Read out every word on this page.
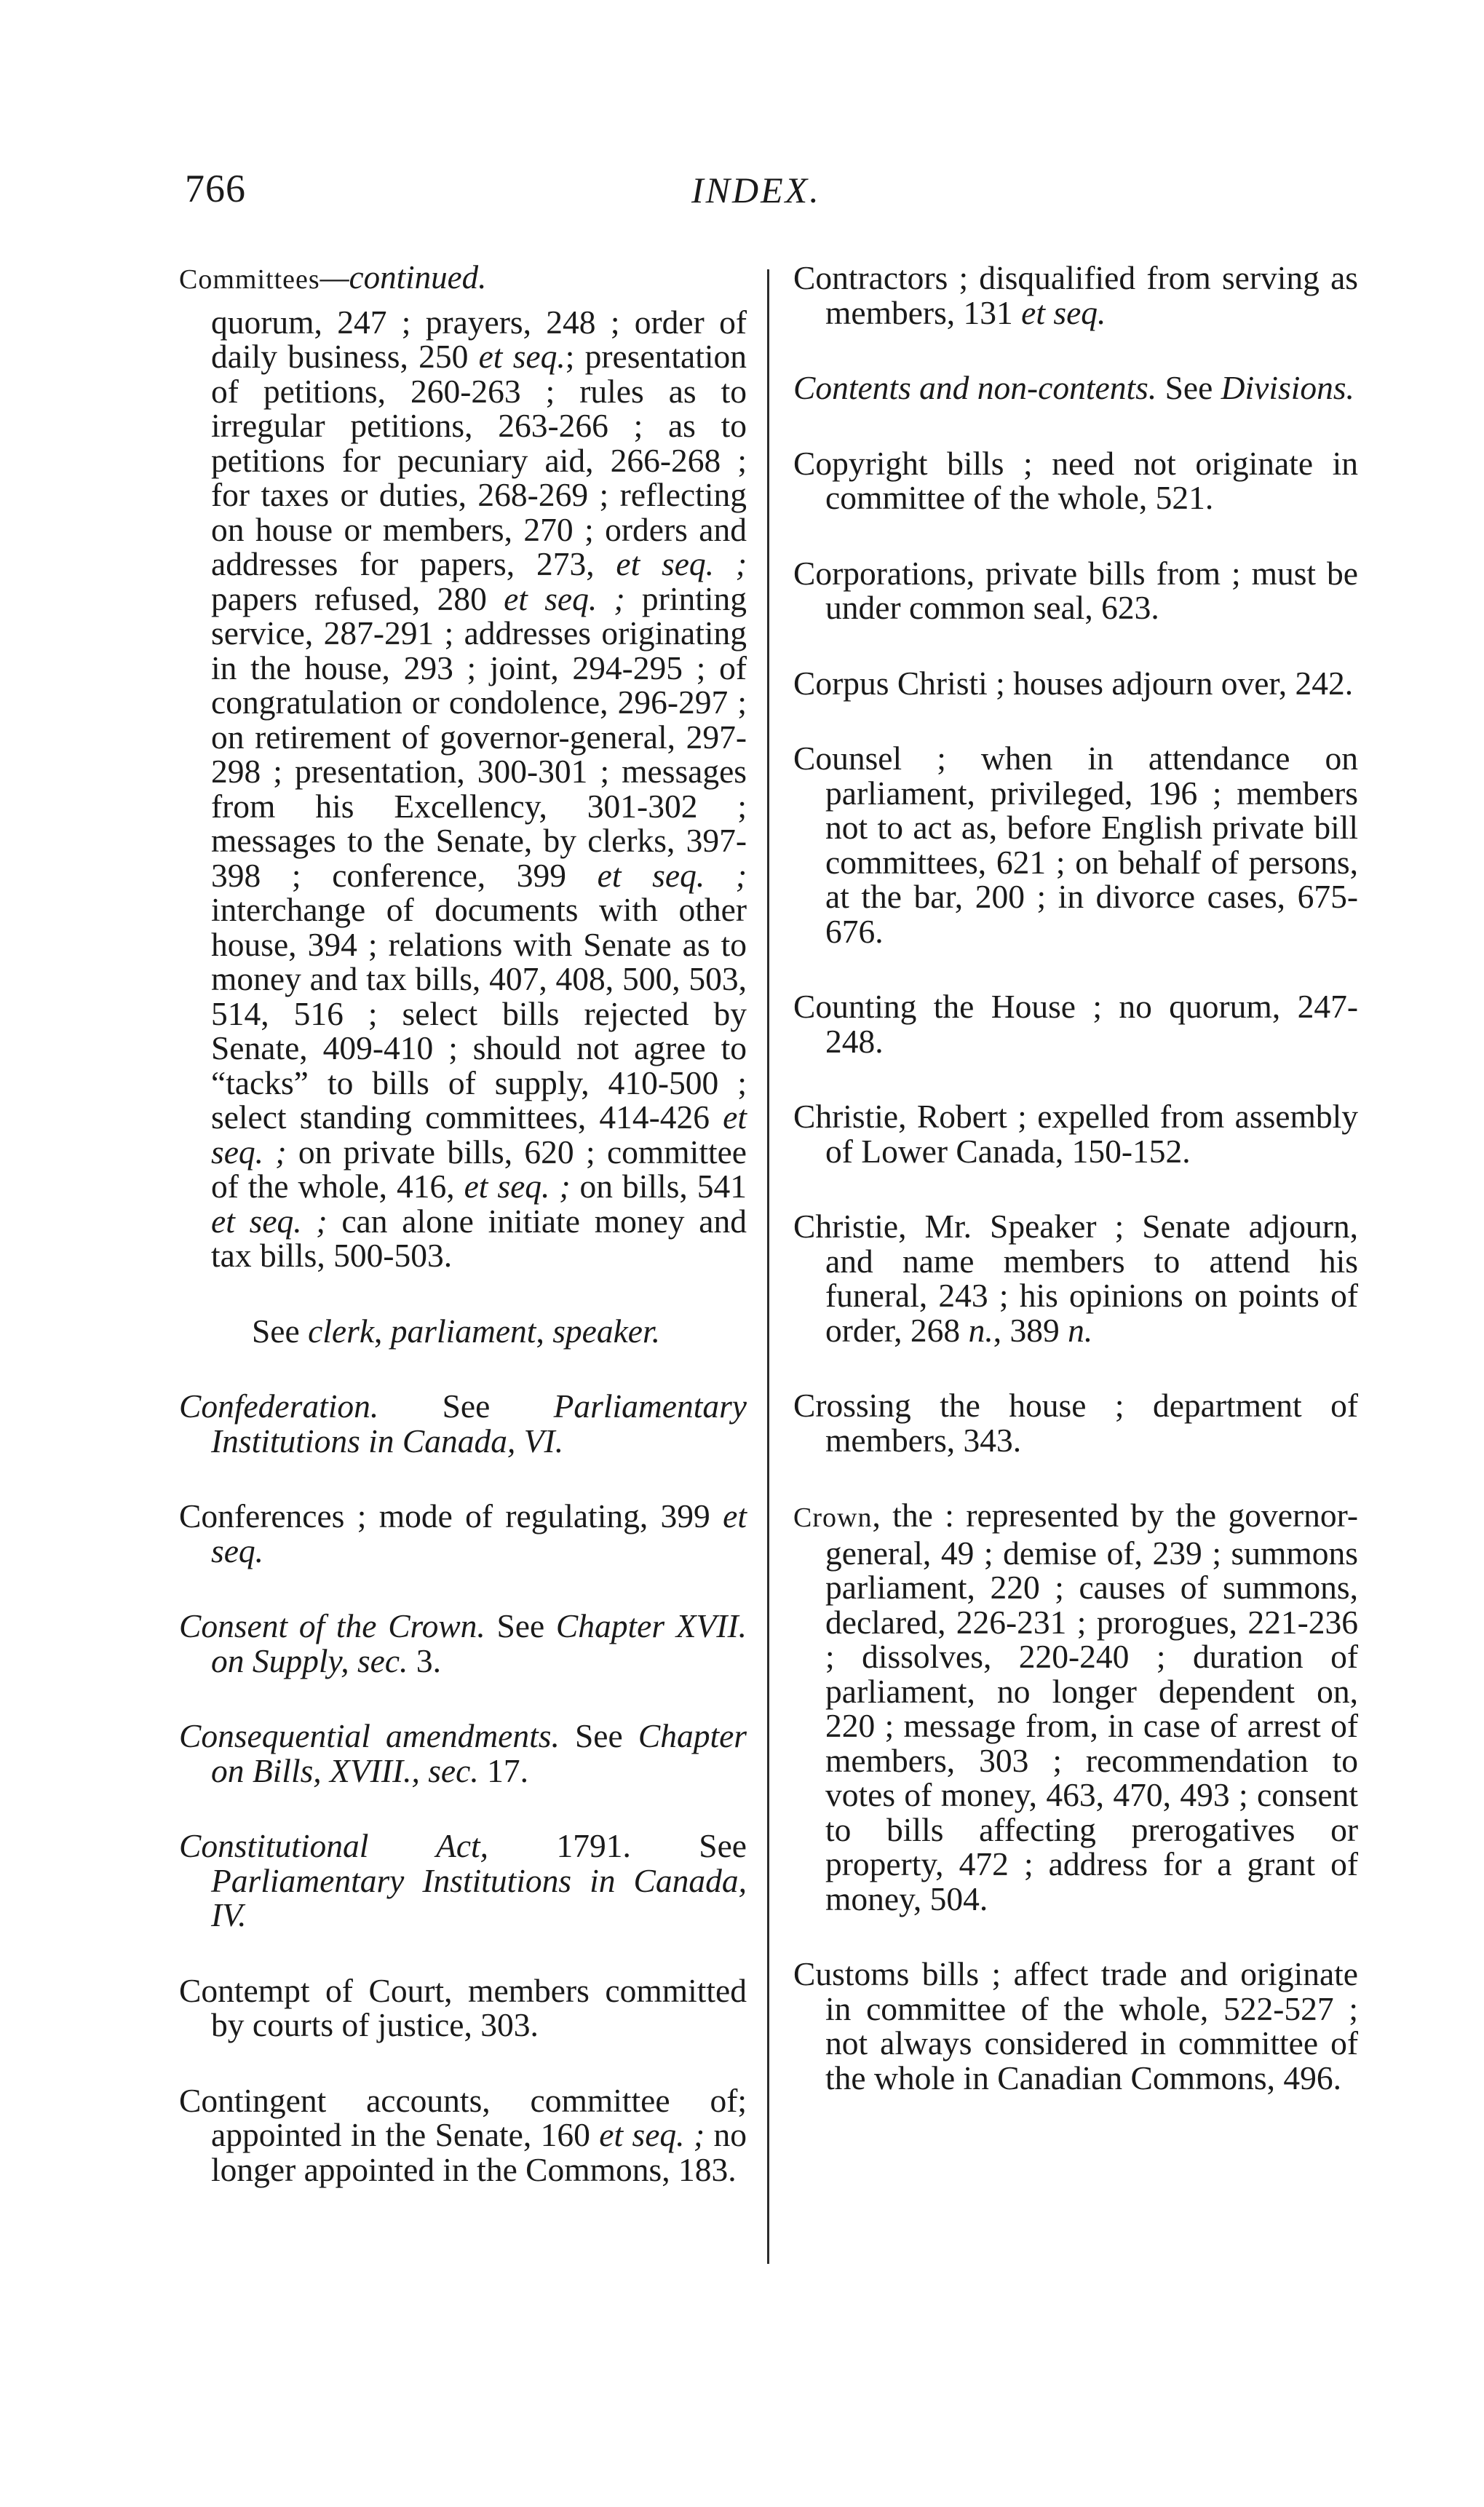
766	INDEX.

Committees—continued.

quorum, 247 ; prayers, 248 ; order of daily business, 250 et seq.; presentation of petitions, 260-263 ; rules as to irregular petitions, 263-266 ; as to petitions for pecuniary aid, 266-268 ; for taxes or duties, 268-269 ; reflecting on house or members, 270 ; orders and addresses for papers, 273, et seq. ; papers refused, 280 et seq. ; printing service, 287-291 ; addresses originating in the house, 293 ; joint, 294-295 ; of congratulation or condolence, 296-297 ; on retirement of governor-general, 297-298 ; presentation, 300-301 ; messages from his Excellency, 301-302 ; messages to the Senate, by clerks, 397-398 ; conference, 399 et seq. ; interchange of documents with other house, 394 ; relations with Senate as to money and tax bills, 407, 408, 500, 503, 514, 516 ; select bills rejected by Senate, 409-410 ; should not agree to “tacks” to bills of supply, 410-500 ; select standing committees, 414-426 et seq. ; on private bills, 620 ; committee of the whole, 416, et seq. ; on bills, 541 et seq. ; can alone initiate money and tax bills, 500-503.

See clerk, parliament, speaker.

Confederation. See Parliamentary Institutions in Canada, VI.

Conferences ; mode of regulating, 399 et seq.

Consent of the Crown. See Chapter XVII. on Supply, sec. 3.

Consequential amendments. See Chapter on Bills, XVIII., sec. 17.

Constitutional Act, 1791. See Parliamentary Institutions in Canada, IV.

Contempt of Court, members committed by courts of justice, 303.

Contingent accounts, committee of; appointed in the Senate, 160 et seq. ; no longer appointed in the Commons, 183.

Contractors ; disqualified from serving as members, 131 et seq.

Contents and non-contents. See Divisions.

Copyright bills ; need not originate in committee of the whole, 521.

Corporations, private bills from ; must be under common seal, 623.

Corpus Christi ; houses adjourn over, 242.

Counsel ; when in attendance on parliament, privileged, 196 ; members not to act as, before English private bill committees, 621 ; on behalf of persons, at the bar, 200 ; in divorce cases, 675-676.

Counting the House ; no quorum, 247-248.

Christie, Robert ; expelled from assembly of Lower Canada, 150-152.

Christie, Mr. Speaker ; Senate adjourn, and name members to attend his funeral, 243 ; his opinions on points of order, 268 n., 389 n.

Crossing the house ; department of members, 343.

Crown, the : represented by the governor-general, 49 ; demise of, 239 ; summons parliament, 220 ; causes of summons, declared, 226-231 ; prorogues, 221-236 ; dissolves, 220-240 ; duration of parliament, no longer dependent on, 220 ; message from, in case of arrest of members, 303 ; recommendation to votes of money, 463, 470, 493 ; consent to bills affecting prerogatives or property, 472 ; address for a grant of money, 504.

Customs bills ; affect trade and originate in committee of the whole, 522-527 ; not always considered in committee of the whole in Canadian Commons, 496.
